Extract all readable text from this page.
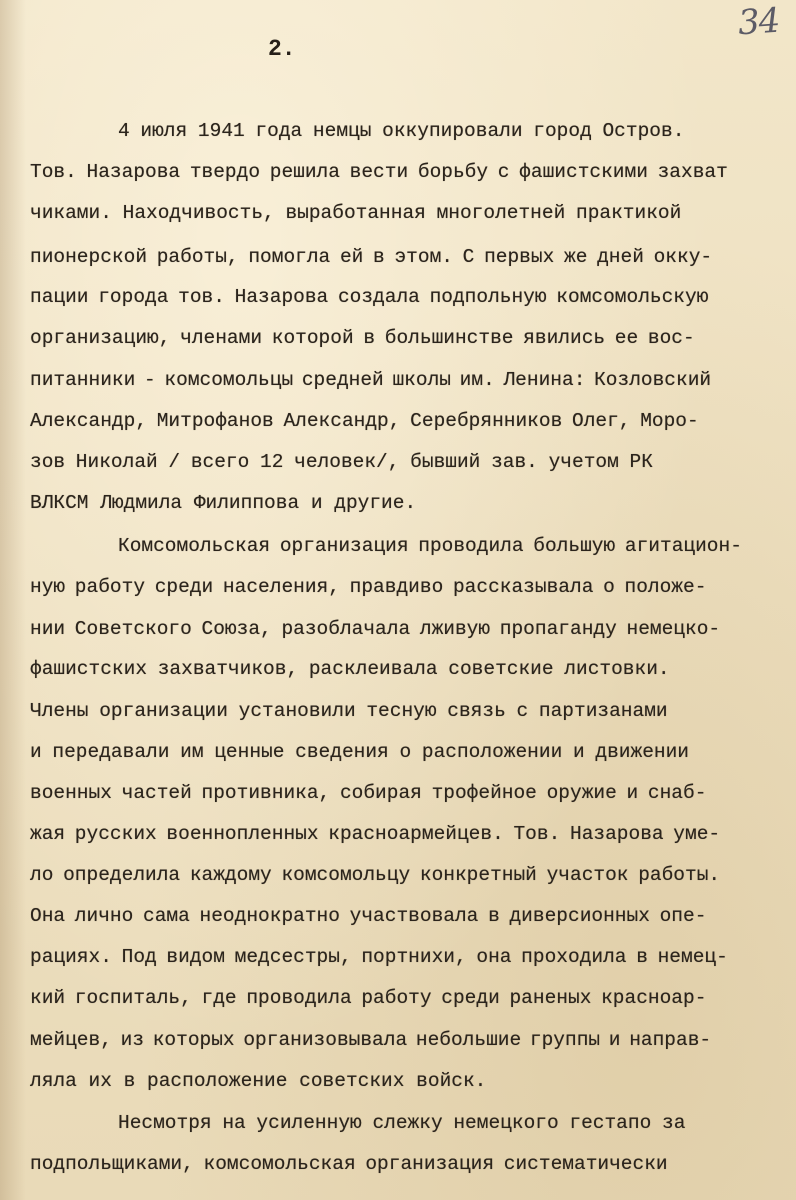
34
2.
4 июля 1941 года немцы оккупировали город Остров.
Тов. Назарова твердо решила вести борьбу с фашистскими захват
чиками. Находчивость, выработанная многолетней практикой
пионерской работы, помогла ей в этом. С первых же дней окку-
пации города тов. Назарова создала подпольную комсомольскую
организацию, членами которой в большинстве явились ее вос-
питанники - комсомольцы средней школы им. Ленина: Козловский
Александр, Митрофанов Александр, Серебрянников Олег, Моро-
зов Николай / всего 12 человек/, бывший зав. учетом РК
ВЛКСМ Людмила Филиппова и другие.
Комсомольская организация проводила большую агитацион-
ную работу среди населения, правдиво рассказывала о положе-
нии Советского Союза, разоблачала лживую пропаганду немецко-
фашистских захватчиков, расклеивала советские листовки.
Члены организации установили тесную связь с партизанами
и передавали им ценные сведения о расположении и движении
военных частей противника, собирая трофейное оружие и снаб-
жая русских военнопленных красноармейцев. Тов. Назарова уме-
ло определила каждому комсомольцу конкретный участок работы.
Она лично сама неоднократно участвовала в диверсионных опе-
рациях. Под видом медсестры, портнихи, она проходила в немец-
кий госпиталь, где проводила работу среди раненых красноар-
мейцев, из которых организовывала небольшие группы и направ-
ляла их в расположение советских войск.
Несмотря на усиленную слежку немецкого гестапо за
подпольщиками, комсомольская организация систематически
